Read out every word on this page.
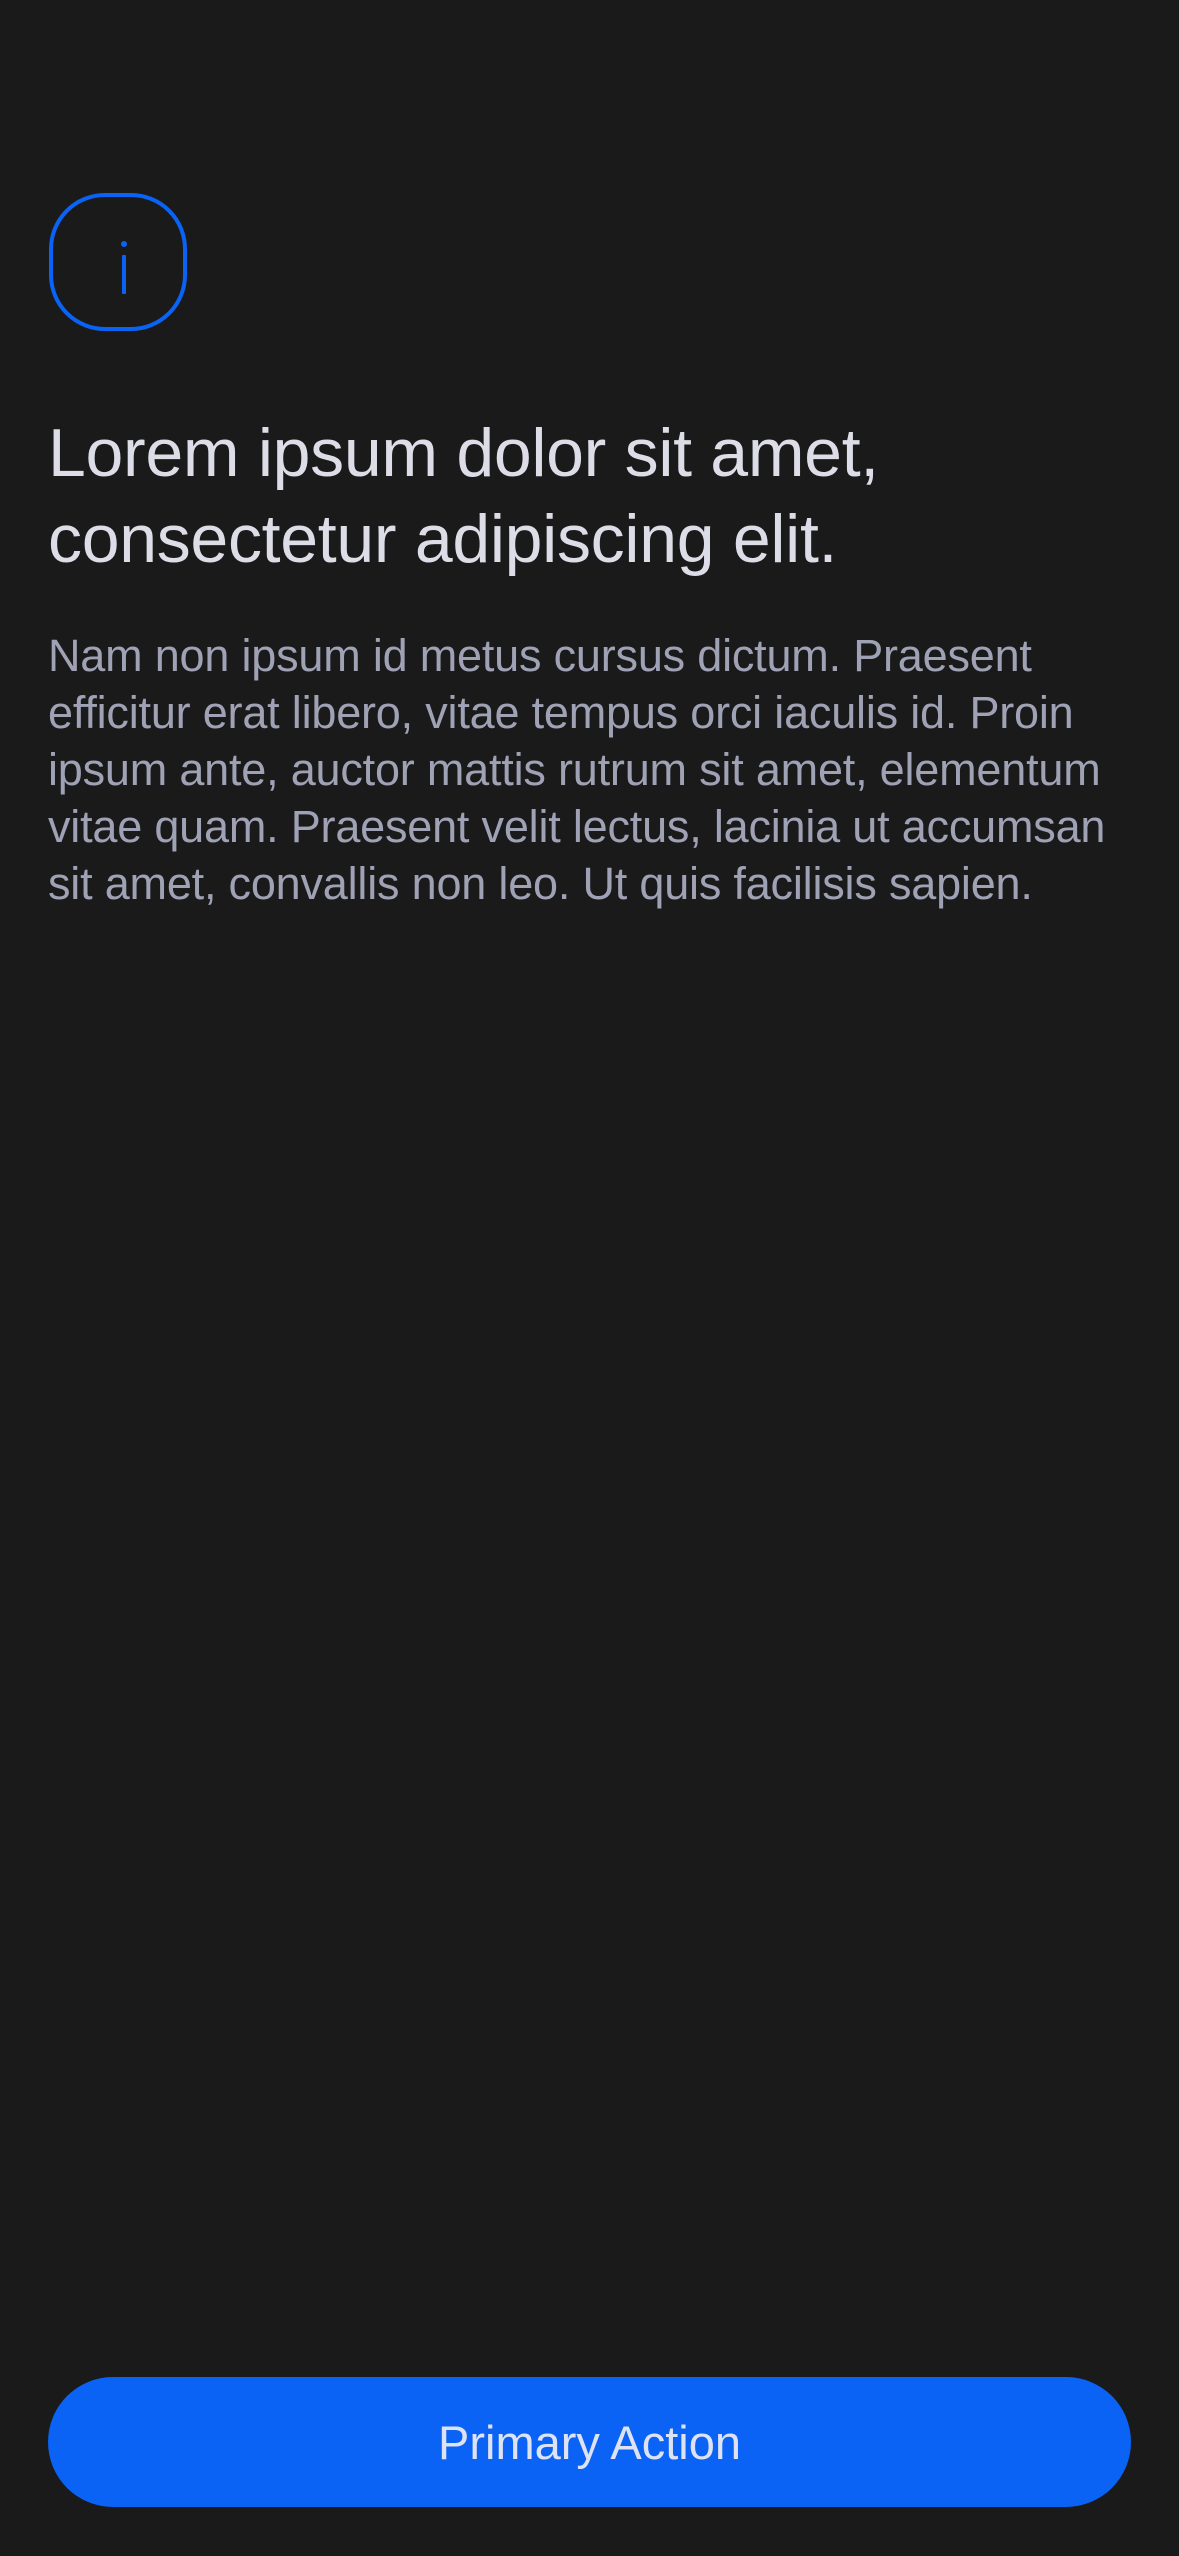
Lorem ipsum dolor sit amet, consectetur adipiscing elit.

Nam non ipsum id metus cursus dictum. Praesent efficitur erat libero, vitae tempus orci iaculis id. Proin ipsum ante, auctor mattis rutrum sit amet, elementum vitae quam. Praesent velit lectus, lacinia ut accumsan sit amet, convallis non leo. Ut quis facilisis sapien.

Primary Action
